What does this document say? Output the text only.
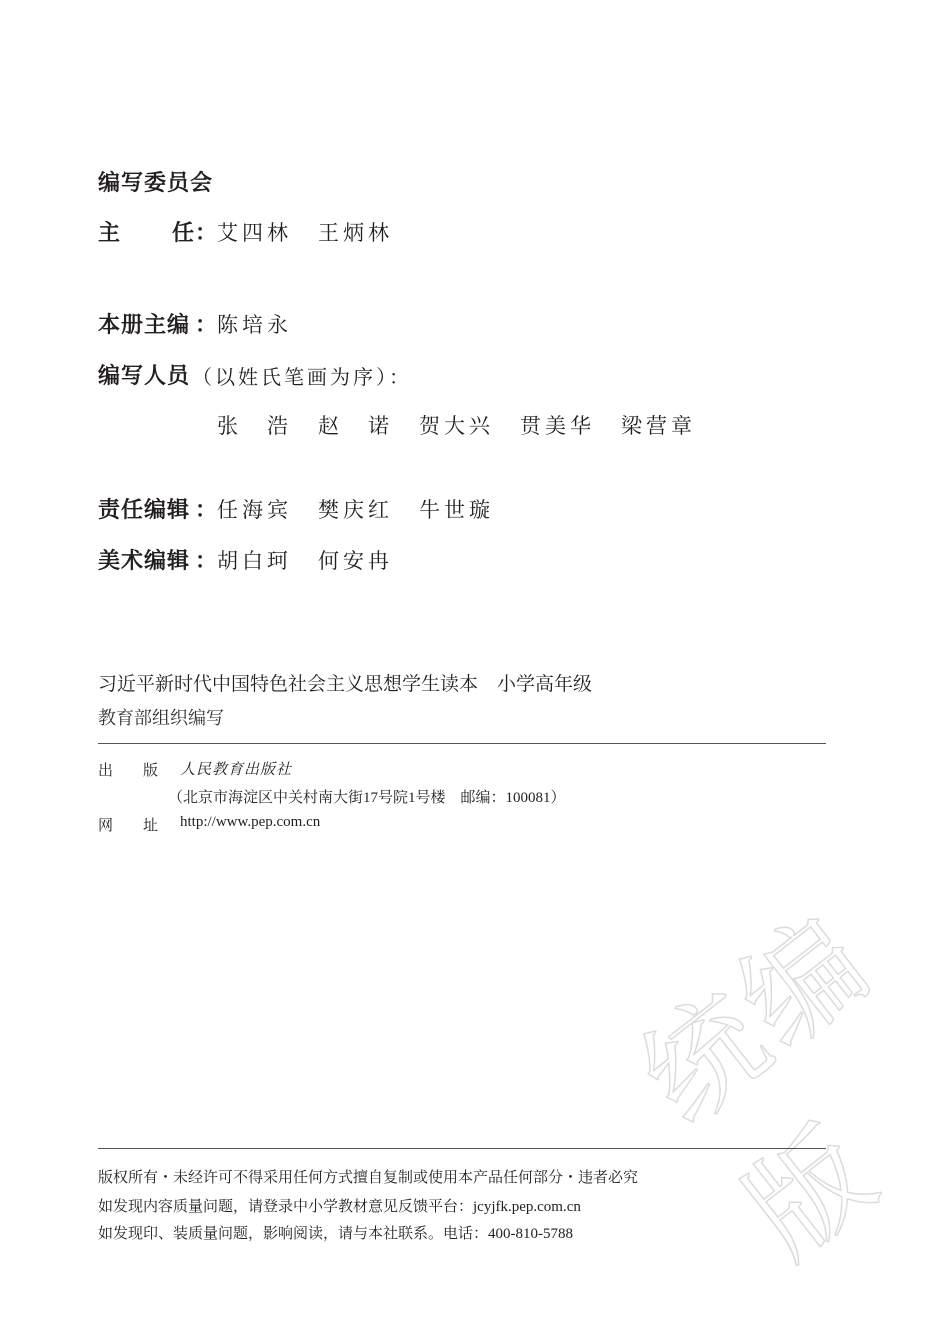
编写委员会
主 任 ：
艾四林 王炳林
本册主编 ：
陈培永
编写人员 （以姓氏笔画为序）：
张　浩 赵　诺 贺大兴 贯美华 梁营章
责任编辑 ：
任海宾 樊庆红 牛世璇
美术编辑 ：
胡白珂 何安冉
习近平新时代中国特色社会主义思想学生读本　小学高年级
教育部组织编写
出　　版 人民教育出版社
（北京市海淀区中关村南大街17号院1号楼　邮编：100081）
网　　址 http://www.pep.com.cn
统编版
版权所有・未经许可不得采用任何方式擅自复制或使用本产品任何部分・违者必究
如发现内容质量问题，请登录中小学教材意见反馈平台：jcyjfk.pep.com.cn
如发现印、装质量问题，影响阅读，请与本社联系。电话：400-810-5788
